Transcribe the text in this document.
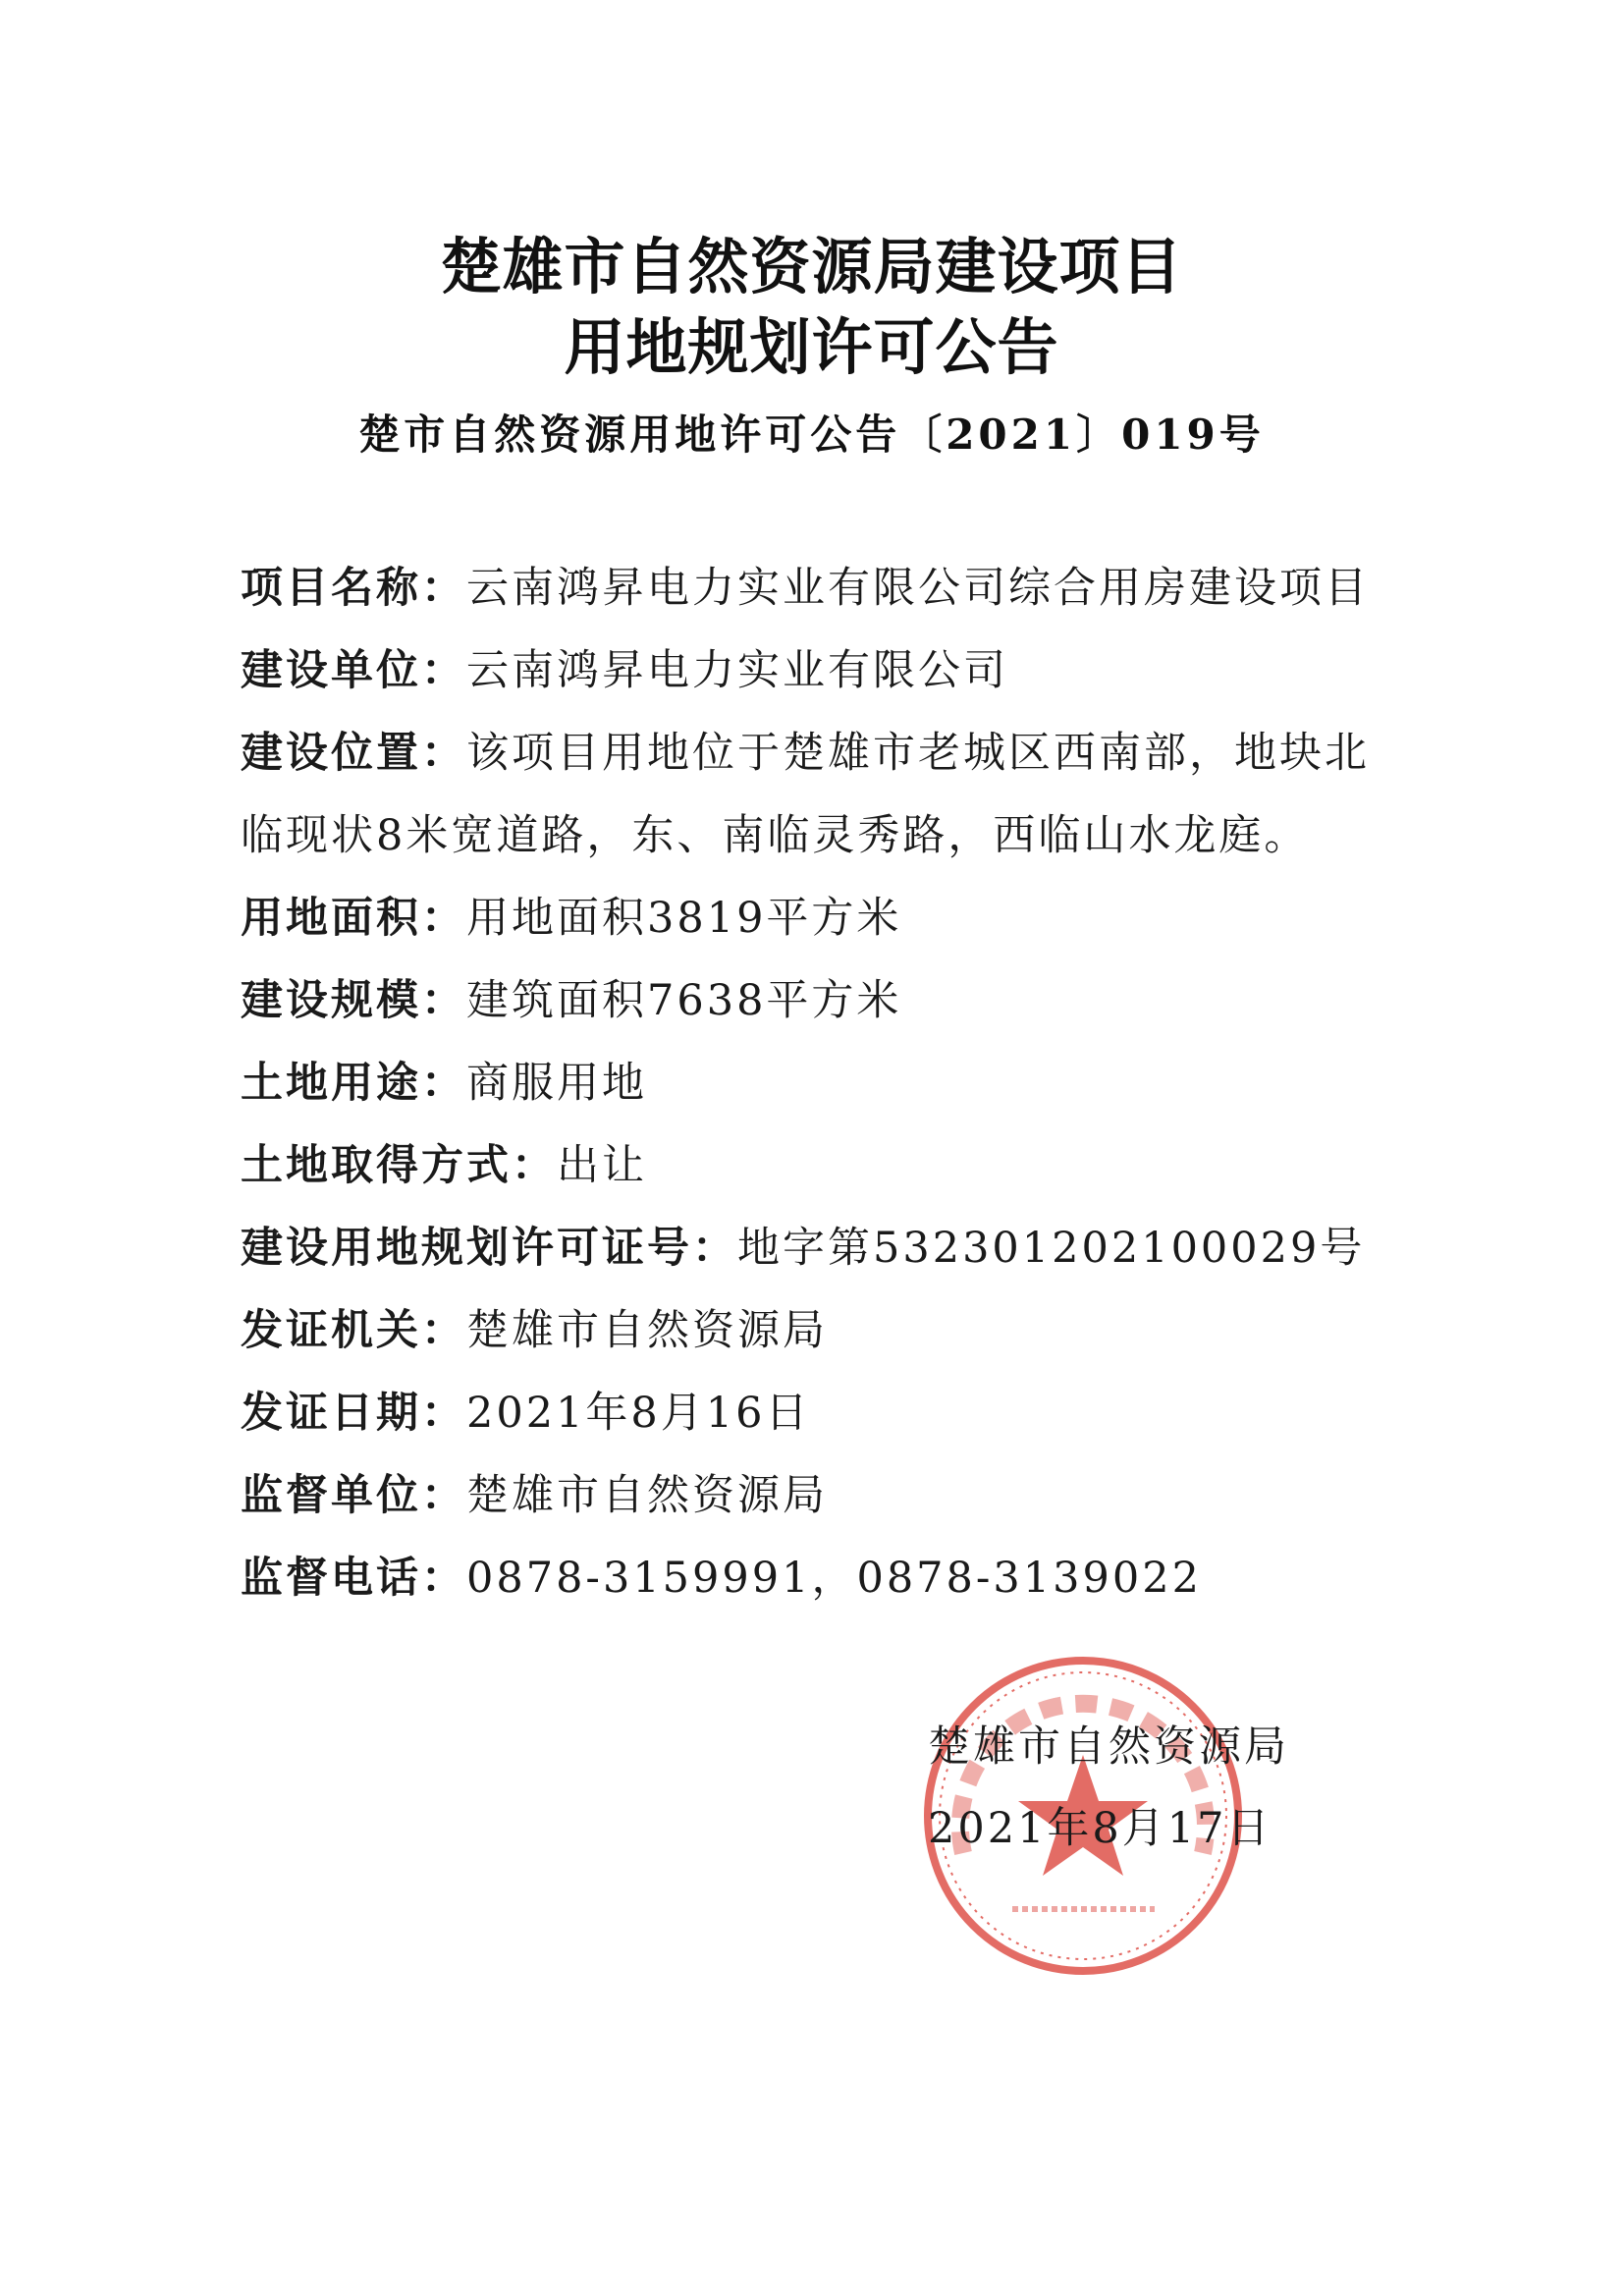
楚雄市自然资源局建设项目
用地规划许可公告
楚市自然资源用地许可公告〔2021〕019号
项目名称：云南鸿昇电力实业有限公司综合用房建设项目
建设单位：云南鸿昇电力实业有限公司
建设位置：该项目用地位于楚雄市老城区西南部，地块北临现状8米宽道路，东、南临灵秀路，西临山水龙庭。
用地面积：用地面积3819平方米
建设规模：建筑面积7638平方米
土地用途：商服用地
土地取得方式：出让
建设用地规划许可证号：地字第532301202100029号
发证机关：楚雄市自然资源局
发证日期：2021年8月16日
监督单位：楚雄市自然资源局
监督电话：0878-3159991，0878-3139022
楚雄市自然资源局
2021年8月17日
